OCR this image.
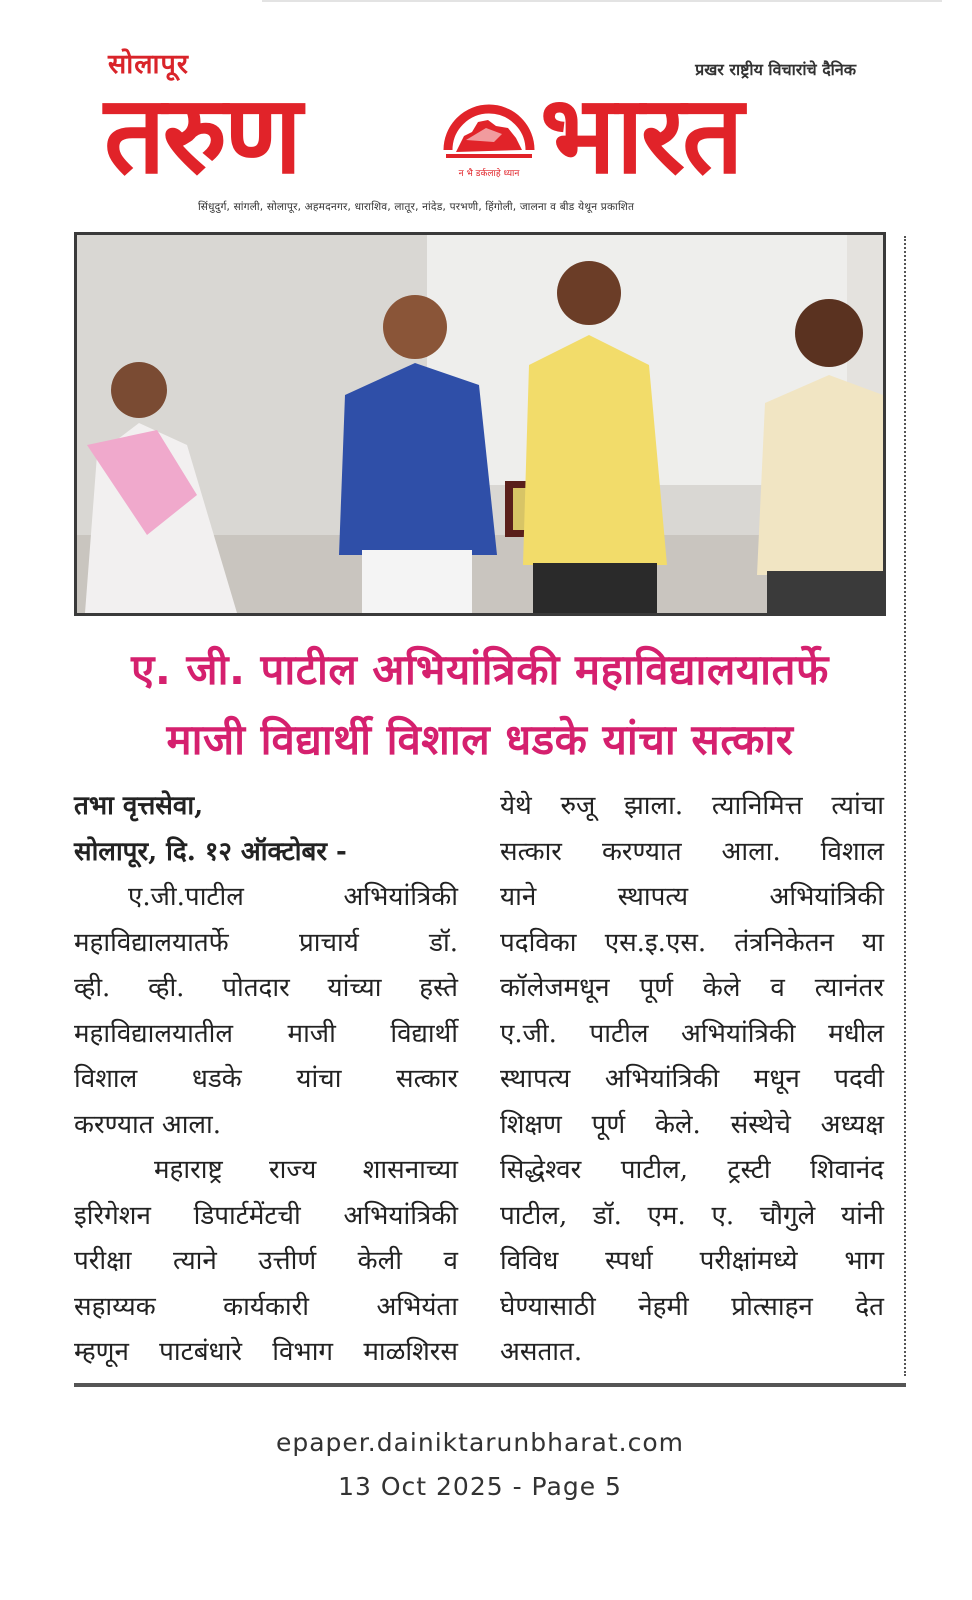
सोलापूर	प्रखर राष्ट्रीय विचारांचे दैनिक
तरुण	न भै डर्कलाहे ध्यान भारत
सिंधुदुर्ग, सांगली, सोलापूर, अहमदनगर, धाराशिव, लातूर, नांदेड, परभणी, हिंगोली, जालना व बीड येथून प्रकाशित
ए. जी. पाटील अभियांत्रिकी महाविद्यालयातर्फे
माजी विद्यार्थी विशाल धडके यांचा सत्कार
तभा वृत्तसेवा,
सोलापूर, दि. १२ ऑक्टोबर -
ए.जी.पाटील अभियांत्रिकी
महाविद्यालयातर्फे प्राचार्य डॉ.
व्ही. व्ही. पोतदार यांच्या हस्ते
महाविद्यालयातील माजी विद्यार्थी
विशाल धडके यांचा सत्कार
करण्यात आला.
महाराष्ट्र राज्य शासनाच्या
इरिगेशन डिपार्टमेंटची अभियांत्रिकी
परीक्षा त्याने उत्तीर्ण केली व
सहाय्यक कार्यकारी अभियंता
म्हणून पाटबंधारे विभाग माळशिरस
येथे रुजू झाला. त्यानिमित्त त्यांचा
सत्कार करण्यात आला. विशाल
याने स्थापत्य अभियांत्रिकी
पदविका एस.इ.एस. तंत्रनिकेतन या
कॉलेजमधून पूर्ण केले व त्यानंतर
ए.जी. पाटील अभियांत्रिकी मधील
स्थापत्य अभियांत्रिकी मधून पदवी
शिक्षण पूर्ण केले. संस्थेचे अध्यक्ष
सिद्धेश्वर पाटील, ट्रस्टी शिवानंद
पाटील, डॉ. एम. ए. चौगुले यांनी
विविध स्पर्धा परीक्षांमध्ये भाग
घेण्यासाठी नेहमी प्रोत्साहन देत
असतात.
epaper.dainiktarunbharat.com
13 Oct 2025 - Page 5
